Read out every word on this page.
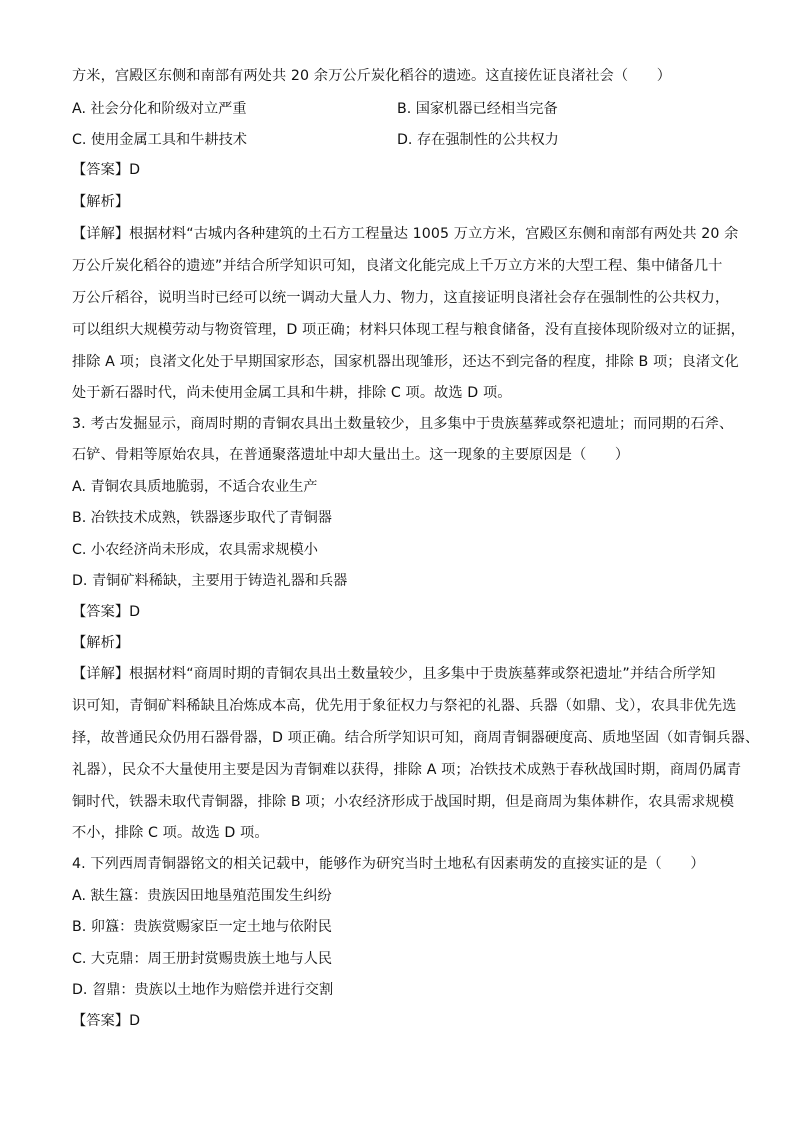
方米，宫殿区东侧和南部有两处共 20 余万公斤炭化稻谷的遗迹。这直接佐证良渚社会（　　）
A. 社会分化和阶级对立严重	B. 国家机器已经相当完备
C. 使用金属工具和牛耕技术	D. 存在强制性的公共权力
【答案】D
【解析】
【详解】根据材料“古城内各种建筑的土石方工程量达 1005 万立方米，宫殿区东侧和南部有两处共 20 余
万公斤炭化稻谷的遗迹”并结合所学知识可知，良渚文化能完成上千万立方米的大型工程、集中储备几十
万公斤稻谷，说明当时已经可以统一调动大量人力、物力，这直接证明良渚社会存在强制性的公共权力，
可以组织大规模劳动与物资管理，D 项正确；材料只体现工程与粮食储备，没有直接体现阶级对立的证据，
排除 A 项；良渚文化处于早期国家形态，国家机器出现雏形，还达不到完备的程度，排除 B 项；良渚文化
处于新石器时代，尚未使用金属工具和牛耕，排除 C 项。故选 D 项。
3. 考古发掘显示，商周时期的青铜农具出土数量较少，且多集中于贵族墓葬或祭祀遗址；而同期的石斧、
石铲、骨耜等原始农具，在普通聚落遗址中却大量出土。这一现象的主要原因是（　　）
A. 青铜农具质地脆弱，不适合农业生产
B. 冶铁技术成熟，铁器逐步取代了青铜器
C. 小农经济尚未形成，农具需求规模小
D. 青铜矿料稀缺，主要用于铸造礼器和兵器
【答案】D
【解析】
【详解】根据材料“商周时期的青铜农具出土数量较少，且多集中于贵族墓葬或祭祀遗址”并结合所学知
识可知，青铜矿料稀缺且冶炼成本高，优先用于象征权力与祭祀的礼器、兵器（如鼎、戈），农具非优先选
择，故普通民众仍用石器骨器，D 项正确。结合所学知识可知，商周青铜器硬度高、质地坚固（如青铜兵器、
礼器），民众不大量使用主要是因为青铜难以获得，排除 A 项；冶铁技术成熟于春秋战国时期，商周仍属青
铜时代，铁器未取代青铜器，排除 B 项；小农经济形成于战国时期，但是商周为集体耕作，农具需求规模
不小，排除 C 项。故选 D 项。
4. 下列西周青铜器铭文的相关记载中，能够作为研究当时土地私有因素萌发的直接实证的是（　　）
A. 㝬生簋：贵族因田地垦殖范围发生纠纷
B. 卯簋：贵族赏赐家臣一定土地与依附民
C. 大克鼎：周王册封赏赐贵族土地与人民
D. 曶鼎：贵族以土地作为赔偿并进行交割
【答案】D
